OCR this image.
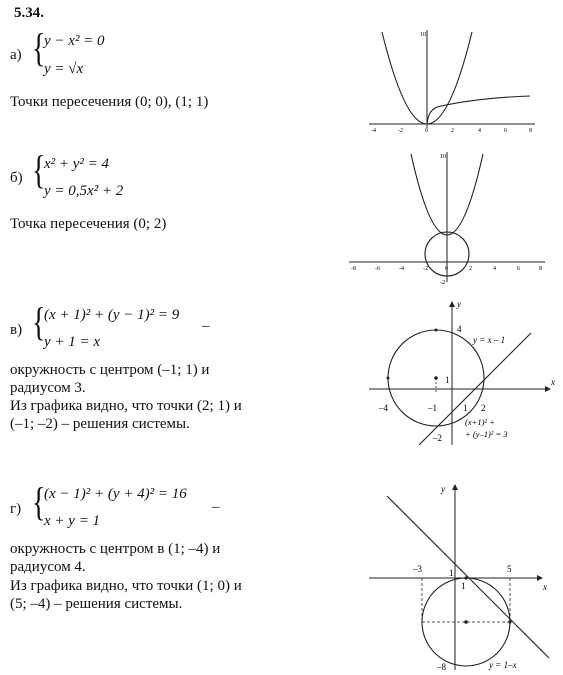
5.34.
а) {
y − x² = 0
y = √x
Точки пересечения (0; 0), (1; 1)
10
-4	-2	0	2	4	6	8
б) {
x² + y² = 4
y = 0,5x² + 2
Точка пересечения (0; 2)
10
-2
-8	-6	-4	-2	0	2	4	6	8
в) {
(x + 1)² + (y − 1)² = 9
–
y + 1 = x
окружность с центром (–1; 1) и
радиусом 3.
Из графика видно, что точки (2; 1) и
(–1; –2) – решения системы.
x
y
4
–4	–1	1 2
1
–2
y = x – 1
(x+1)² +
+ (y–1)² = 3
г) {
(x − 1)² + (y + 4)² = 16
–
x + y = 1
окружность с центром в (1; –4) и
радиусом 4.
Из графика видно, что точки (1; 0) и
(5; –4) – решения системы.
x
y
–3
1
5
1
–8	y = 1–x
